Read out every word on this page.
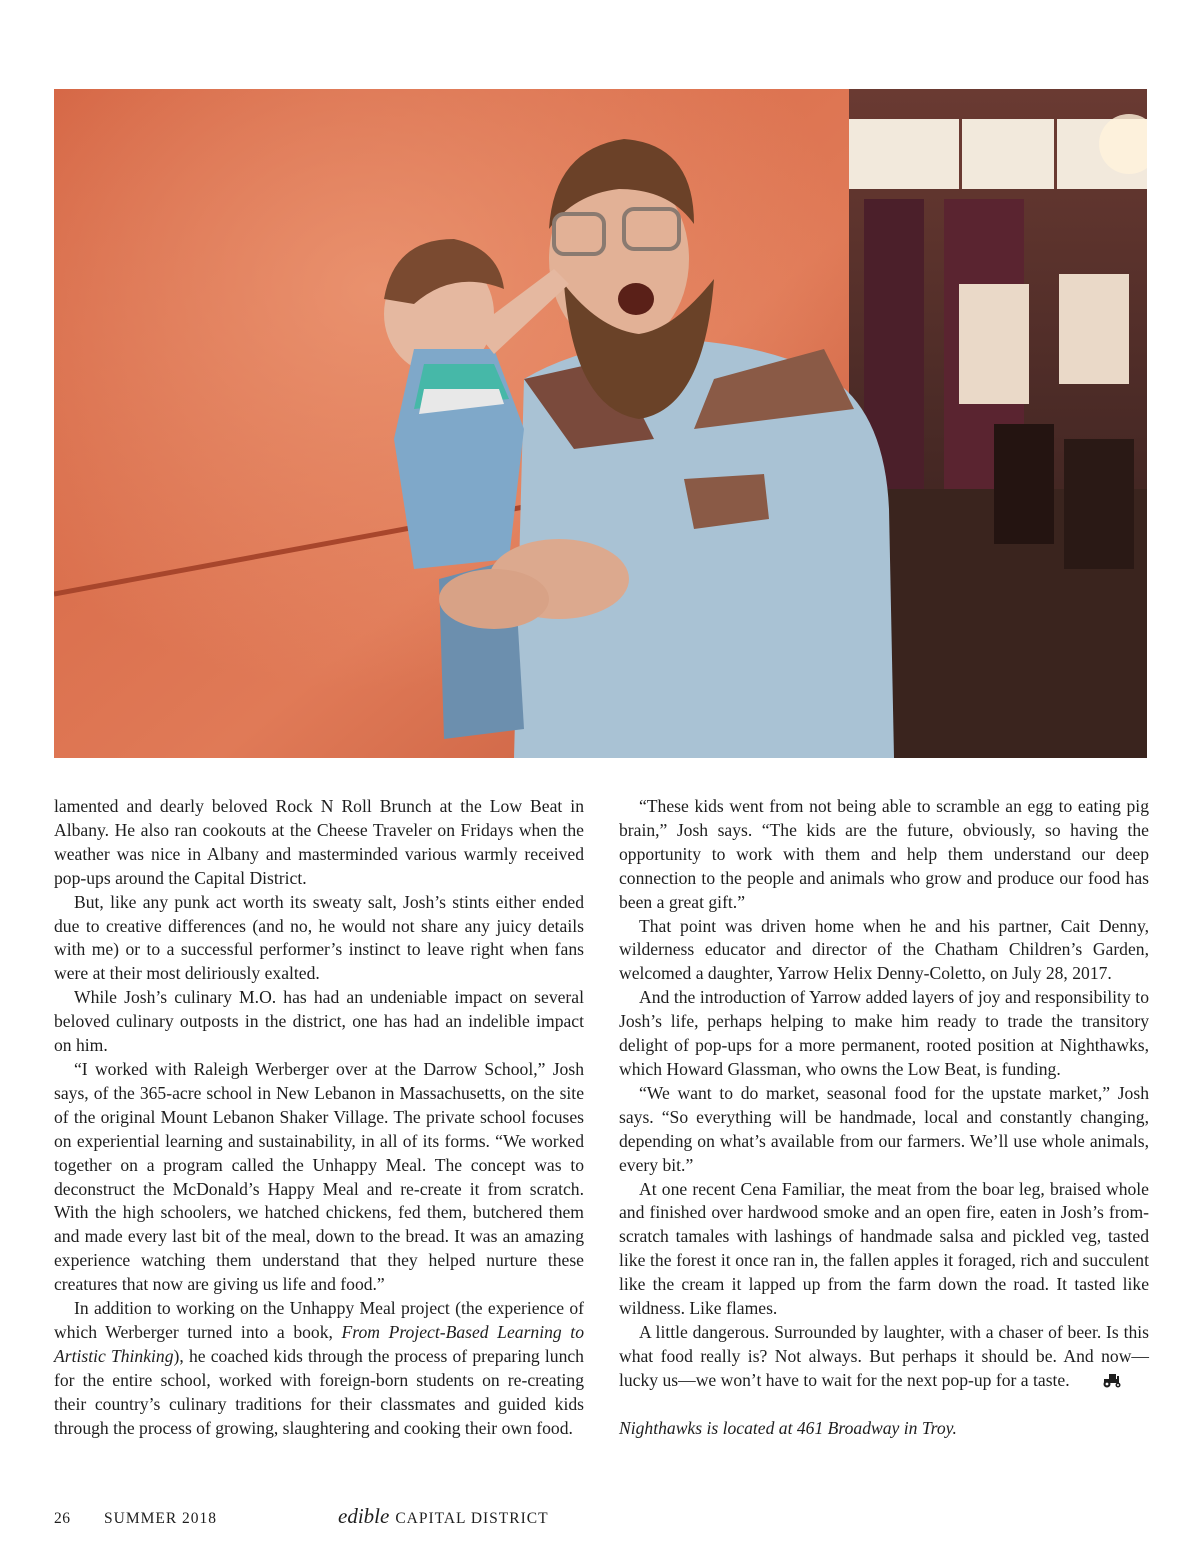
lamented and dearly beloved Rock N Roll Brunch at the Low Beat in Albany. He also ran cookouts at the Cheese Traveler on Fridays when the weather was nice in Albany and masterminded various warmly received pop-ups around the Capital District.

But, like any punk act worth its sweaty salt, Josh’s stints either ended due to creative differences (and no, he would not share any juicy details with me) or to a successful performer’s instinct to leave right when fans were at their most deliriously exalted.

While Josh’s culinary M.O. has had an undeniable impact on several beloved culinary outposts in the district, one has had an indelible impact on him.

“I worked with Raleigh Werberger over at the Darrow School,” Josh says, of the 365-acre school in New Lebanon in Massachusetts, on the site of the original Mount Lebanon Shaker Village. The private school focuses on experiential learning and sustainability, in all of its forms. “We worked together on a program called the Unhappy Meal. The concept was to deconstruct the McDonald’s Happy Meal and re-create it from scratch. With the high schoolers, we hatched chickens, fed them, butchered them and made every last bit of the meal, down to the bread. It was an amazing experience watching them understand that they helped nurture these creatures that now are giving us life and food.”

In addition to working on the Unhappy Meal project (the experience of which Werberger turned into a book, From Project-Based Learning to Artistic Thinking), he coached kids through the process of preparing lunch for the entire school, worked with foreign-born students on re-creating their country’s culinary traditions for their classmates and guided kids through the process of growing, slaughtering and cooking their own food.

“These kids went from not being able to scramble an egg to eating pig brain,” Josh says. “The kids are the future, obviously, so having the opportunity to work with them and help them understand our deep connection to the people and animals who grow and produce our food has been a great gift.”

That point was driven home when he and his partner, Cait Denny, wilderness educator and director of the Chatham Children’s Garden, welcomed a daughter, Yarrow Helix Denny-Coletto, on July 28, 2017.

And the introduction of Yarrow added layers of joy and responsibility to Josh’s life, perhaps helping to make him ready to trade the transitory delight of pop-ups for a more permanent, rooted position at Nighthawks, which Howard Glassman, who owns the Low Beat, is funding.

“We want to do market, seasonal food for the upstate market,” Josh says. “So everything will be handmade, local and constantly changing, depending on what’s available from our farmers. We’ll use whole animals, every bit.”

At one recent Cena Familiar, the meat from the boar leg, braised whole and finished over hardwood smoke and an open fire, eaten in Josh’s from-scratch tamales with lashings of handmade salsa and pickled veg, tasted like the forest it once ran in, the fallen apples it foraged, rich and succulent like the cream it lapped up from the farm down the road. It tasted like wildness. Like flames.

A little dangerous. Surrounded by laughter, with a chaser of beer. Is this what food really is? Not always. But perhaps it should be. And now—lucky us—we won’t have to wait for the next pop-up for a taste.

Nighthawks is located at 461 Broadway in Troy.

26	SUMMER 2018	edible CAPITAL DISTRICT
